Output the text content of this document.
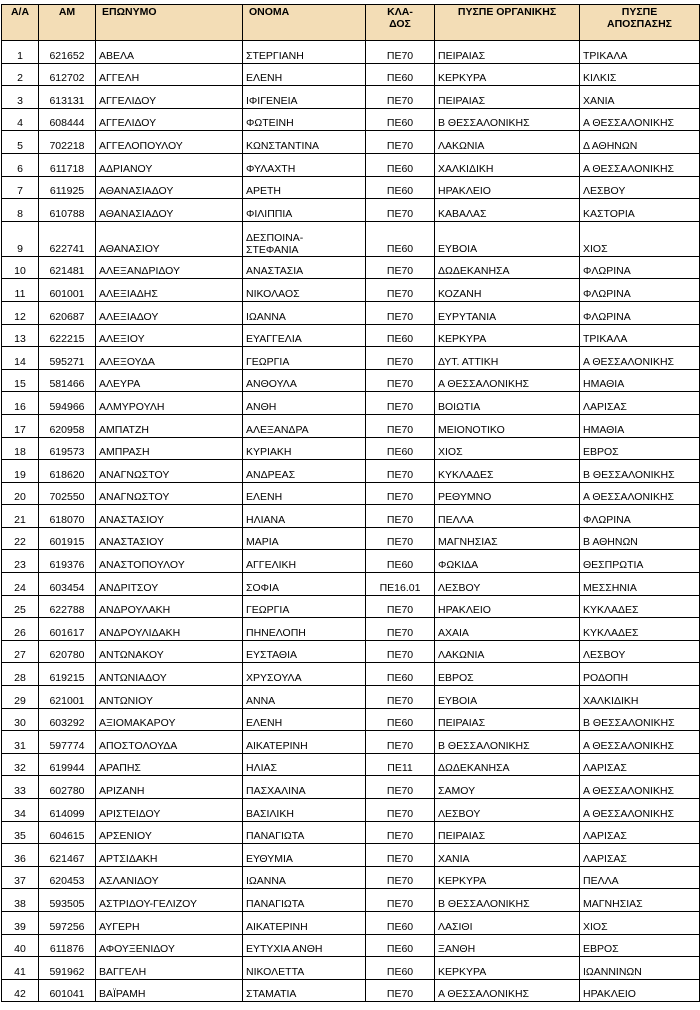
Α/Α	ΑΜ	ΕΠΩΝΥΜΟ	ΟΝΟΜΑ	ΚΛΑ-
ΔΟΣ	ΠΥΣΠΕ ΟΡΓΑΝΙΚΗΣ	ΠΥΣΠΕ
ΑΠΟΣΠΑΣΗΣ
1	621652	ΑΒΕΛΑ	ΣΤΕΡΓΙΑΝΗ	ΠΕ70	ΠΕΙΡΑΙΑΣ	ΤΡΙΚΑΛΑ
2	612702	ΑΓΓΕΛΗ	ΕΛΕΝΗ	ΠΕ60	ΚΕΡΚΥΡΑ	ΚΙΛΚΙΣ
3	613131	ΑΓΓΕΛΙΔΟΥ	ΙΦΙΓΕΝΕΙΑ	ΠΕ70	ΠΕΙΡΑΙΑΣ	ΧΑΝΙΑ
4	608444	ΑΓΓΕΛΙΔΟΥ	ΦΩΤΕΙΝΗ	ΠΕ60	Β ΘΕΣΣΑΛΟΝΙΚΗΣ	Α ΘΕΣΣΑΛΟΝΙΚΗΣ
5	702218	ΑΓΓΕΛΟΠΟΥΛΟΥ	ΚΩΝΣΤΑΝΤΙΝΑ	ΠΕ70	ΛΑΚΩΝΙΑ	Δ ΑΘΗΝΩΝ
6	611718	ΑΔΡΙΑΝΟΥ	ΦΥΛΑΧΤΗ	ΠΕ60	ΧΑΛΚΙΔΙΚΗ	Α ΘΕΣΣΑΛΟΝΙΚΗΣ
7	611925	ΑΘΑΝΑΣΙΑΔΟΥ	ΑΡΕΤΗ	ΠΕ60	ΗΡΑΚΛΕΙΟ	ΛΕΣΒΟΥ
8	610788	ΑΘΑΝΑΣΙΑΔΟΥ	ΦΙΛΙΠΠΙΑ	ΠΕ70	ΚΑΒΑΛΑΣ	ΚΑΣΤΟΡΙΑ
9	622741	ΑΘΑΝΑΣΙΟΥ	ΔΕΣΠΟΙΝΑ-
ΣΤΕΦΑΝΙΑ	ΠΕ60	ΕΥΒΟΙΑ	ΧΙΟΣ
10	621481	ΑΛΕΞΑΝΔΡΙΔΟΥ	ΑΝΑΣΤΑΣΙΑ	ΠΕ70	ΔΩΔΕΚΑΝΗΣΑ	ΦΛΩΡΙΝΑ
11	601001	ΑΛΕΞΙΑΔΗΣ	ΝΙΚΟΛΑΟΣ	ΠΕ70	ΚΟΖΑΝΗ	ΦΛΩΡΙΝΑ
12	620687	ΑΛΕΞΙΑΔΟΥ	ΙΩΑΝΝΑ	ΠΕ70	ΕΥΡΥΤΑΝΙΑ	ΦΛΩΡΙΝΑ
13	622215	ΑΛΕΞΙΟΥ	ΕΥΑΓΓΕΛΙΑ	ΠΕ60	ΚΕΡΚΥΡΑ	ΤΡΙΚΑΛΑ
14	595271	ΑΛΕΞΟΥΔΑ	ΓΕΩΡΓΙΑ	ΠΕ70	ΔΥΤ. ΑΤΤΙΚΗ	Α ΘΕΣΣΑΛΟΝΙΚΗΣ
15	581466	ΑΛΕΥΡΑ	ΑΝΘΟΥΛΑ	ΠΕ70	Α ΘΕΣΣΑΛΟΝΙΚΗΣ	ΗΜΑΘΙΑ
16	594966	ΑΛΜΥΡΟΥΛΗ	ΑΝΘΗ	ΠΕ70	ΒΟΙΩΤΙΑ	ΛΑΡΙΣΑΣ
17	620958	ΑΜΠΑΤΖΗ	ΑΛΕΞΑΝΔΡΑ	ΠΕ70	ΜΕΙΟΝΟΤΙΚΟ	ΗΜΑΘΙΑ
18	619573	ΑΜΠΡΑΣΗ	ΚΥΡΙΑΚΗ	ΠΕ60	ΧΙΟΣ	ΕΒΡΟΣ
19	618620	ΑΝΑΓΝΩΣΤΟΥ	ΑΝΔΡΕΑΣ	ΠΕ70	ΚΥΚΛΑΔΕΣ	Β ΘΕΣΣΑΛΟΝΙΚΗΣ
20	702550	ΑΝΑΓΝΩΣΤΟΥ	ΕΛΕΝΗ	ΠΕ70	ΡΕΘΥΜΝΟ	Α ΘΕΣΣΑΛΟΝΙΚΗΣ
21	618070	ΑΝΑΣΤΑΣΙΟΥ	ΗΛΙΑΝΑ	ΠΕ70	ΠΕΛΛΑ	ΦΛΩΡΙΝΑ
22	601915	ΑΝΑΣΤΑΣΙΟΥ	ΜΑΡΙΑ	ΠΕ70	ΜΑΓΝΗΣΙΑΣ	Β ΑΘΗΝΩΝ
23	619376	ΑΝΑΣΤΟΠΟΥΛΟΥ	ΑΓΓΕΛΙΚΗ	ΠΕ60	ΦΩΚΙΔΑ	ΘΕΣΠΡΩΤΙΑ
24	603454	ΑΝΔΡΙΤΣΟΥ	ΣΟΦΙΑ	ΠΕ16.01	ΛΕΣΒΟΥ	ΜΕΣΣΗΝΙΑ
25	622788	ΑΝΔΡΟΥΛΑΚΗ	ΓΕΩΡΓΙΑ	ΠΕ70	ΗΡΑΚΛΕΙΟ	ΚΥΚΛΑΔΕΣ
26	601617	ΑΝΔΡΟΥΛΙΔΑΚΗ	ΠΗΝΕΛΟΠΗ	ΠΕ70	ΑΧΑΙΑ	ΚΥΚΛΑΔΕΣ
27	620780	ΑΝΤΩΝΑΚΟΥ	ΕΥΣΤΑΘΙΑ	ΠΕ70	ΛΑΚΩΝΙΑ	ΛΕΣΒΟΥ
28	619215	ΑΝΤΩΝΙΑΔΟΥ	ΧΡΥΣΟΥΛΑ	ΠΕ60	ΕΒΡΟΣ	ΡΟΔΟΠΗ
29	621001	ΑΝΤΩΝΙΟΥ	ΑΝΝΑ	ΠΕ70	ΕΥΒΟΙΑ	ΧΑΛΚΙΔΙΚΗ
30	603292	ΑΞΙΟΜΑΚΑΡΟΥ	ΕΛΕΝΗ	ΠΕ60	ΠΕΙΡΑΙΑΣ	Β ΘΕΣΣΑΛΟΝΙΚΗΣ
31	597774	ΑΠΟΣΤΟΛΟΥΔΑ	ΑΙΚΑΤΕΡΙΝΗ	ΠΕ70	Β ΘΕΣΣΑΛΟΝΙΚΗΣ	Α ΘΕΣΣΑΛΟΝΙΚΗΣ
32	619944	ΑΡΑΠΗΣ	ΗΛΙΑΣ	ΠΕ11	ΔΩΔΕΚΑΝΗΣΑ	ΛΑΡΙΣΑΣ
33	602780	ΑΡΙΖΑΝΗ	ΠΑΣΧΑΛΙΝΑ	ΠΕ70	ΣΑΜΟΥ	Α ΘΕΣΣΑΛΟΝΙΚΗΣ
34	614099	ΑΡΙΣΤΕΙΔΟΥ	ΒΑΣΙΛΙΚΗ	ΠΕ70	ΛΕΣΒΟΥ	Α ΘΕΣΣΑΛΟΝΙΚΗΣ
35	604615	ΑΡΣΕΝΙΟΥ	ΠΑΝΑΓΙΩΤΑ	ΠΕ70	ΠΕΙΡΑΙΑΣ	ΛΑΡΙΣΑΣ
36	621467	ΑΡΤΣΙΔΑΚΗ	ΕΥΘΥΜΙΑ	ΠΕ70	ΧΑΝΙΑ	ΛΑΡΙΣΑΣ
37	620453	ΑΣΛΑΝΙΔΟΥ	ΙΩΑΝΝΑ	ΠΕ70	ΚΕΡΚΥΡΑ	ΠΕΛΛΑ
38	593505	ΑΣΤΡΙΔΟΥ-ΓΕΛΙΖΟΥ	ΠΑΝΑΓΙΩΤΑ	ΠΕ70	Β ΘΕΣΣΑΛΟΝΙΚΗΣ	ΜΑΓΝΗΣΙΑΣ
39	597256	ΑΥΓΕΡΗ	ΑΙΚΑΤΕΡΙΝΗ	ΠΕ60	ΛΑΣΙΘΙ	ΧΙΟΣ
40	611876	ΑΦΟΥΞΕΝΙΔΟΥ	ΕΥΤΥΧΙΑ ΑΝΘΗ	ΠΕ60	ΞΑΝΘΗ	ΕΒΡΟΣ
41	591962	ΒΑΓΓΕΛΗ	ΝΙΚΟΛΕΤΤΑ	ΠΕ60	ΚΕΡΚΥΡΑ	ΙΩΑΝΝΙΝΩΝ
42	601041	ΒΑΪΡΑΜΗ	ΣΤΑΜΑΤΙΑ	ΠΕ70	Α ΘΕΣΣΑΛΟΝΙΚΗΣ	ΗΡΑΚΛΕΙΟ
